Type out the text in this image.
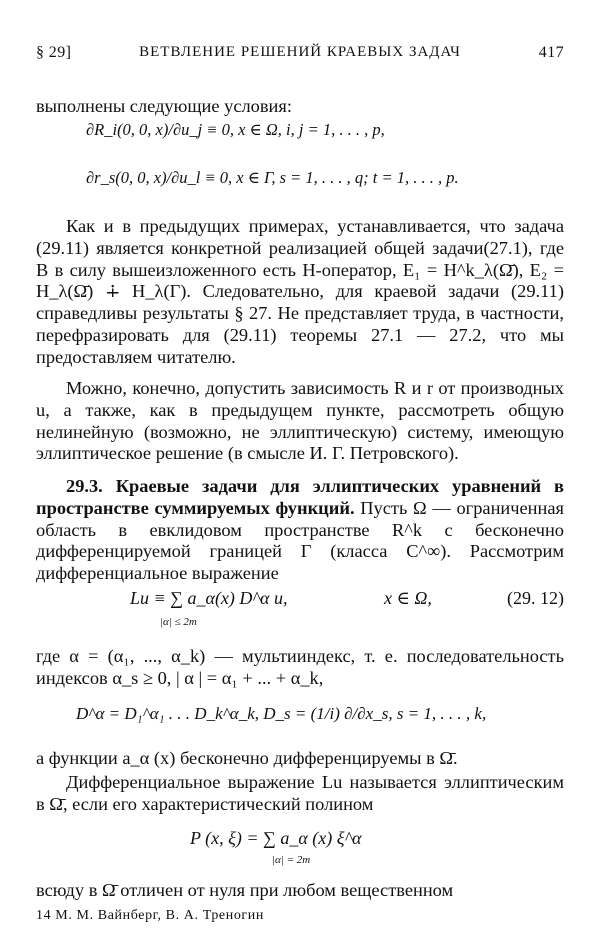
§ 29]	ВЕТВЛЕНИЕ РЕШЕНИЙ КРАЕВЫХ ЗАДАЧ	417
выполнены следующие условия:
∂R_i(0, 0, x)/∂u_j ≡ 0, x ∈ Ω, i, j = 1, . . . , p,
∂r_s(0, 0, x)/∂u_l ≡ 0, x ∈ Γ, s = 1, . . . , q; t = 1, . . . , p.
Как и в предыдущих примерах, устанавливается, что задача (29.11) является конкретной реализацией общей задачи(27.1), где B в силу вышеизложенного есть H-оператор, E₁ = H^k_λ(Ω̄), E₂ = H_λ(Ω̄) ∔ H_λ(Γ). Следовательно, для краевой задачи (29.11) справедливы результаты § 27. Не представляет труда, в частности, перефразировать для (29.11) теоремы 27.1 — 27.2, что мы предоставляем читателю.
Можно, конечно, допустить зависимость R и r от производных u, а также, как в предыдущем пункте, рассмотреть общую нелинейную (возможно, не эллиптическую) систему, имеющую эллиптическое решение (в смысле И. Г. Петровского).
29.3. Краевые задачи для эллиптических уравнений в пространстве суммируемых функций. Пусть Ω — ограниченная область в евклидовом пространстве R^k с бесконечно дифференцируемой границей Γ (класса C^∞). Рассмотрим дифференциальное выражение
Lu ≡ ∑ a_α(x) D^α u,
|α| ≤ 2m
x ∈ Ω,	(29. 12)
где α = (α₁, ..., α_k) — мультииндекс, т. е. последовательность индексов α_s ≥ 0, | α | = α₁ + ... + α_k,
D^α = D₁^α₁ . . . D_k^α_k, D_s = (1/i) ∂/∂x_s, s = 1, . . . , k,
а функции a_α (x) бесконечно дифференцируемы в Ω̄.
Дифференциальное выражение Lu называется эллиптическим в Ω̄, если его характеристический полином
P (x, ξ) = ∑ a_α (x) ξ^α
|α| = 2m
всюду в Ω̄ отличен от нуля при любом вещественном
14 М. М. Вайнберг, В. А. Треногин
